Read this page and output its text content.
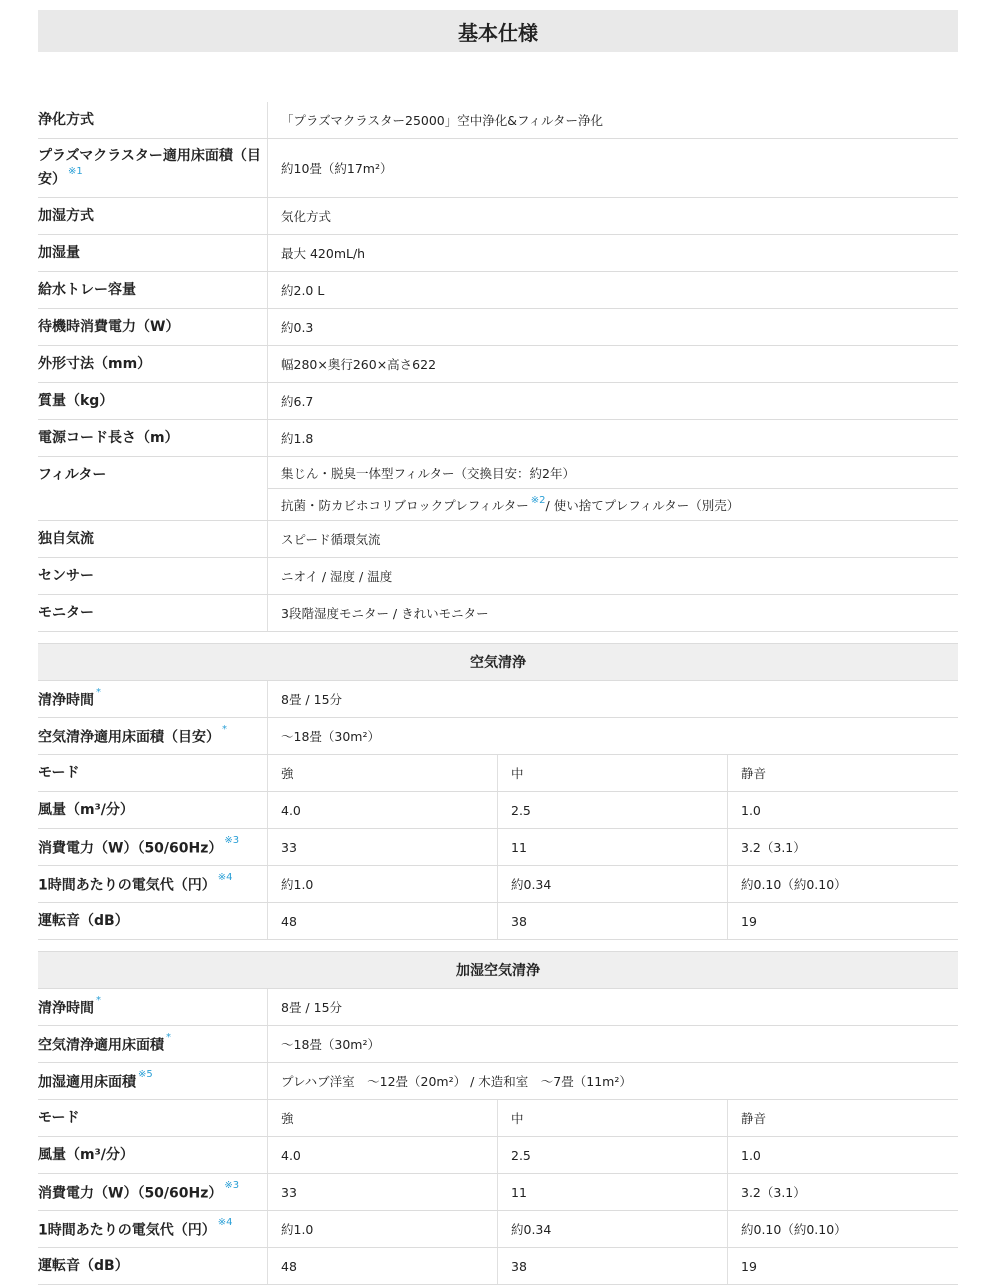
基本仕様
浄化方式	「プラズマクラスター25000」空中浄化&フィルター浄化
プラズマクラスター適用床面積（目安）$^{※1}$	約10畳（約17m²）
加湿方式	気化方式
加湿量	最大 420mL/h
給水トレー容量	約2.0 L
待機時消費電力（W）	約0.3
外形寸法（mm）	幅280×奥行260×高さ622
質量（kg）	約6.7
電源コード長さ（m）	約1.8
フィルター	集じん・脱臭一体型フィルター（交換目安：約2年）
抗菌・防カビホコリブロックプレフィルター ※2 / 使い捨てプレフィルター（別売）
独自気流	スピード循環気流
センサー	ニオイ / 湿度 / 温度
モニター	3段階湿度モニター / きれいモニター
空気清浄
清浄時間*	8畳 / 15分
空気清浄適用床面積（目安）*	〜18畳（30m²）
モード	強	中	静音
風量（m³/分）	4.0	2.5	1.0
消費電力（W）（50/60Hz）$^{※3}$	33	11	3.2（3.1）
1時間あたりの電気代（円）$^{※4}$	約1.0	約0.34	約0.10（約0.10）
運転音（dB）	48	38	19
加湿空気清浄
清浄時間*	8畳 / 15分
空気清浄適用床面積*	〜18畳（30m²）
加湿適用床面積$^{※5}$	プレハブ洋室　〜12畳（20m²） / 木造和室　〜7畳（11m²）
モード	強	中	静音
風量（m³/分）	4.0	2.5	1.0
消費電力（W）（50/60Hz）$^{※3}$	33	11	3.2（3.1）
1時間あたりの電気代（円）$^{※4}$	約1.0	約0.34	約0.10（約0.10）
運転音（dB）	48	38	19
